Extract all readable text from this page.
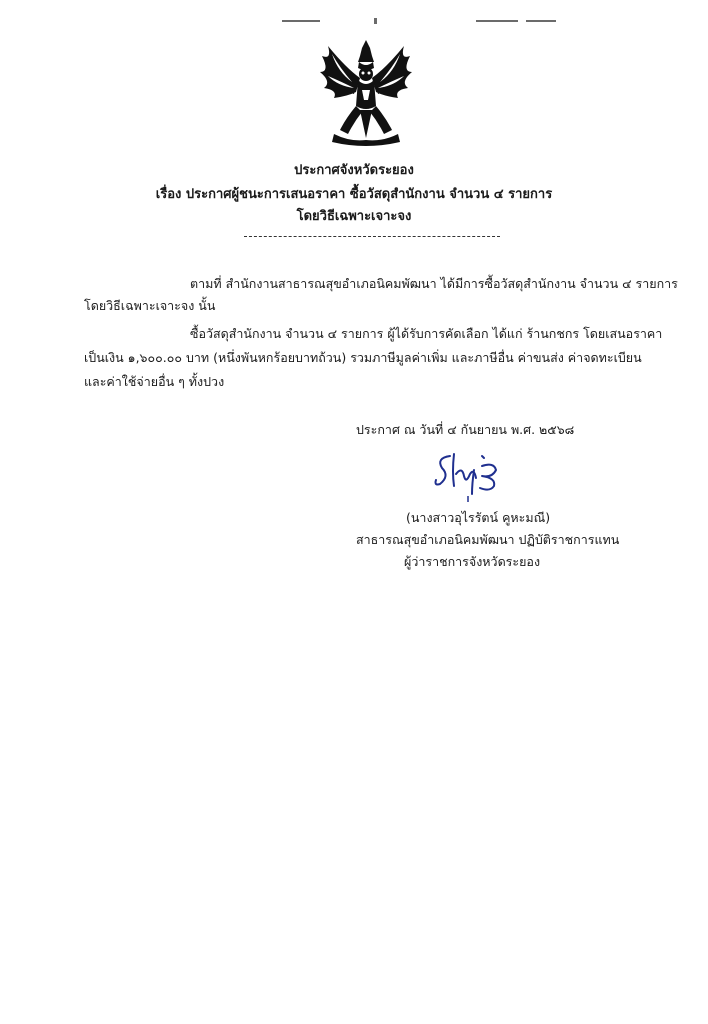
ประกาศจังหวัดระยอง
เรื่อง ประกาศผู้ชนะการเสนอราคา ซื้อวัสดุสำนักงาน จำนวน ๔ รายการ
โดยวิธีเฉพาะเจาะจง
ตามที่ สำนักงานสาธารณสุขอำเภอนิคมพัฒนา ได้มีการซื้อวัสดุสำนักงาน จำนวน ๔ รายการ
โดยวิธีเฉพาะเจาะจง นั้น
ซื้อวัสดุสำนักงาน จำนวน ๔ รายการ ผู้ได้รับการคัดเลือก ได้แก่ ร้านกชกร โดยเสนอราคา
เป็นเงิน ๑,๖๐๐.๐๐ บาท (หนึ่งพันหกร้อยบาทถ้วน) รวมภาษีมูลค่าเพิ่ม และภาษีอื่น ค่าขนส่ง ค่าจดทะเบียน
และค่าใช้จ่ายอื่น ๆ ทั้งปวง
ประกาศ ณ วันที่ ๔ กันยายน พ.ศ. ๒๕๖๘
(นางสาวอุไรรัตน์ คูหะมณี)
สาธารณสุขอำเภอนิคมพัฒนา ปฏิบัติราชการแทน
ผู้ว่าราชการจังหวัดระยอง
